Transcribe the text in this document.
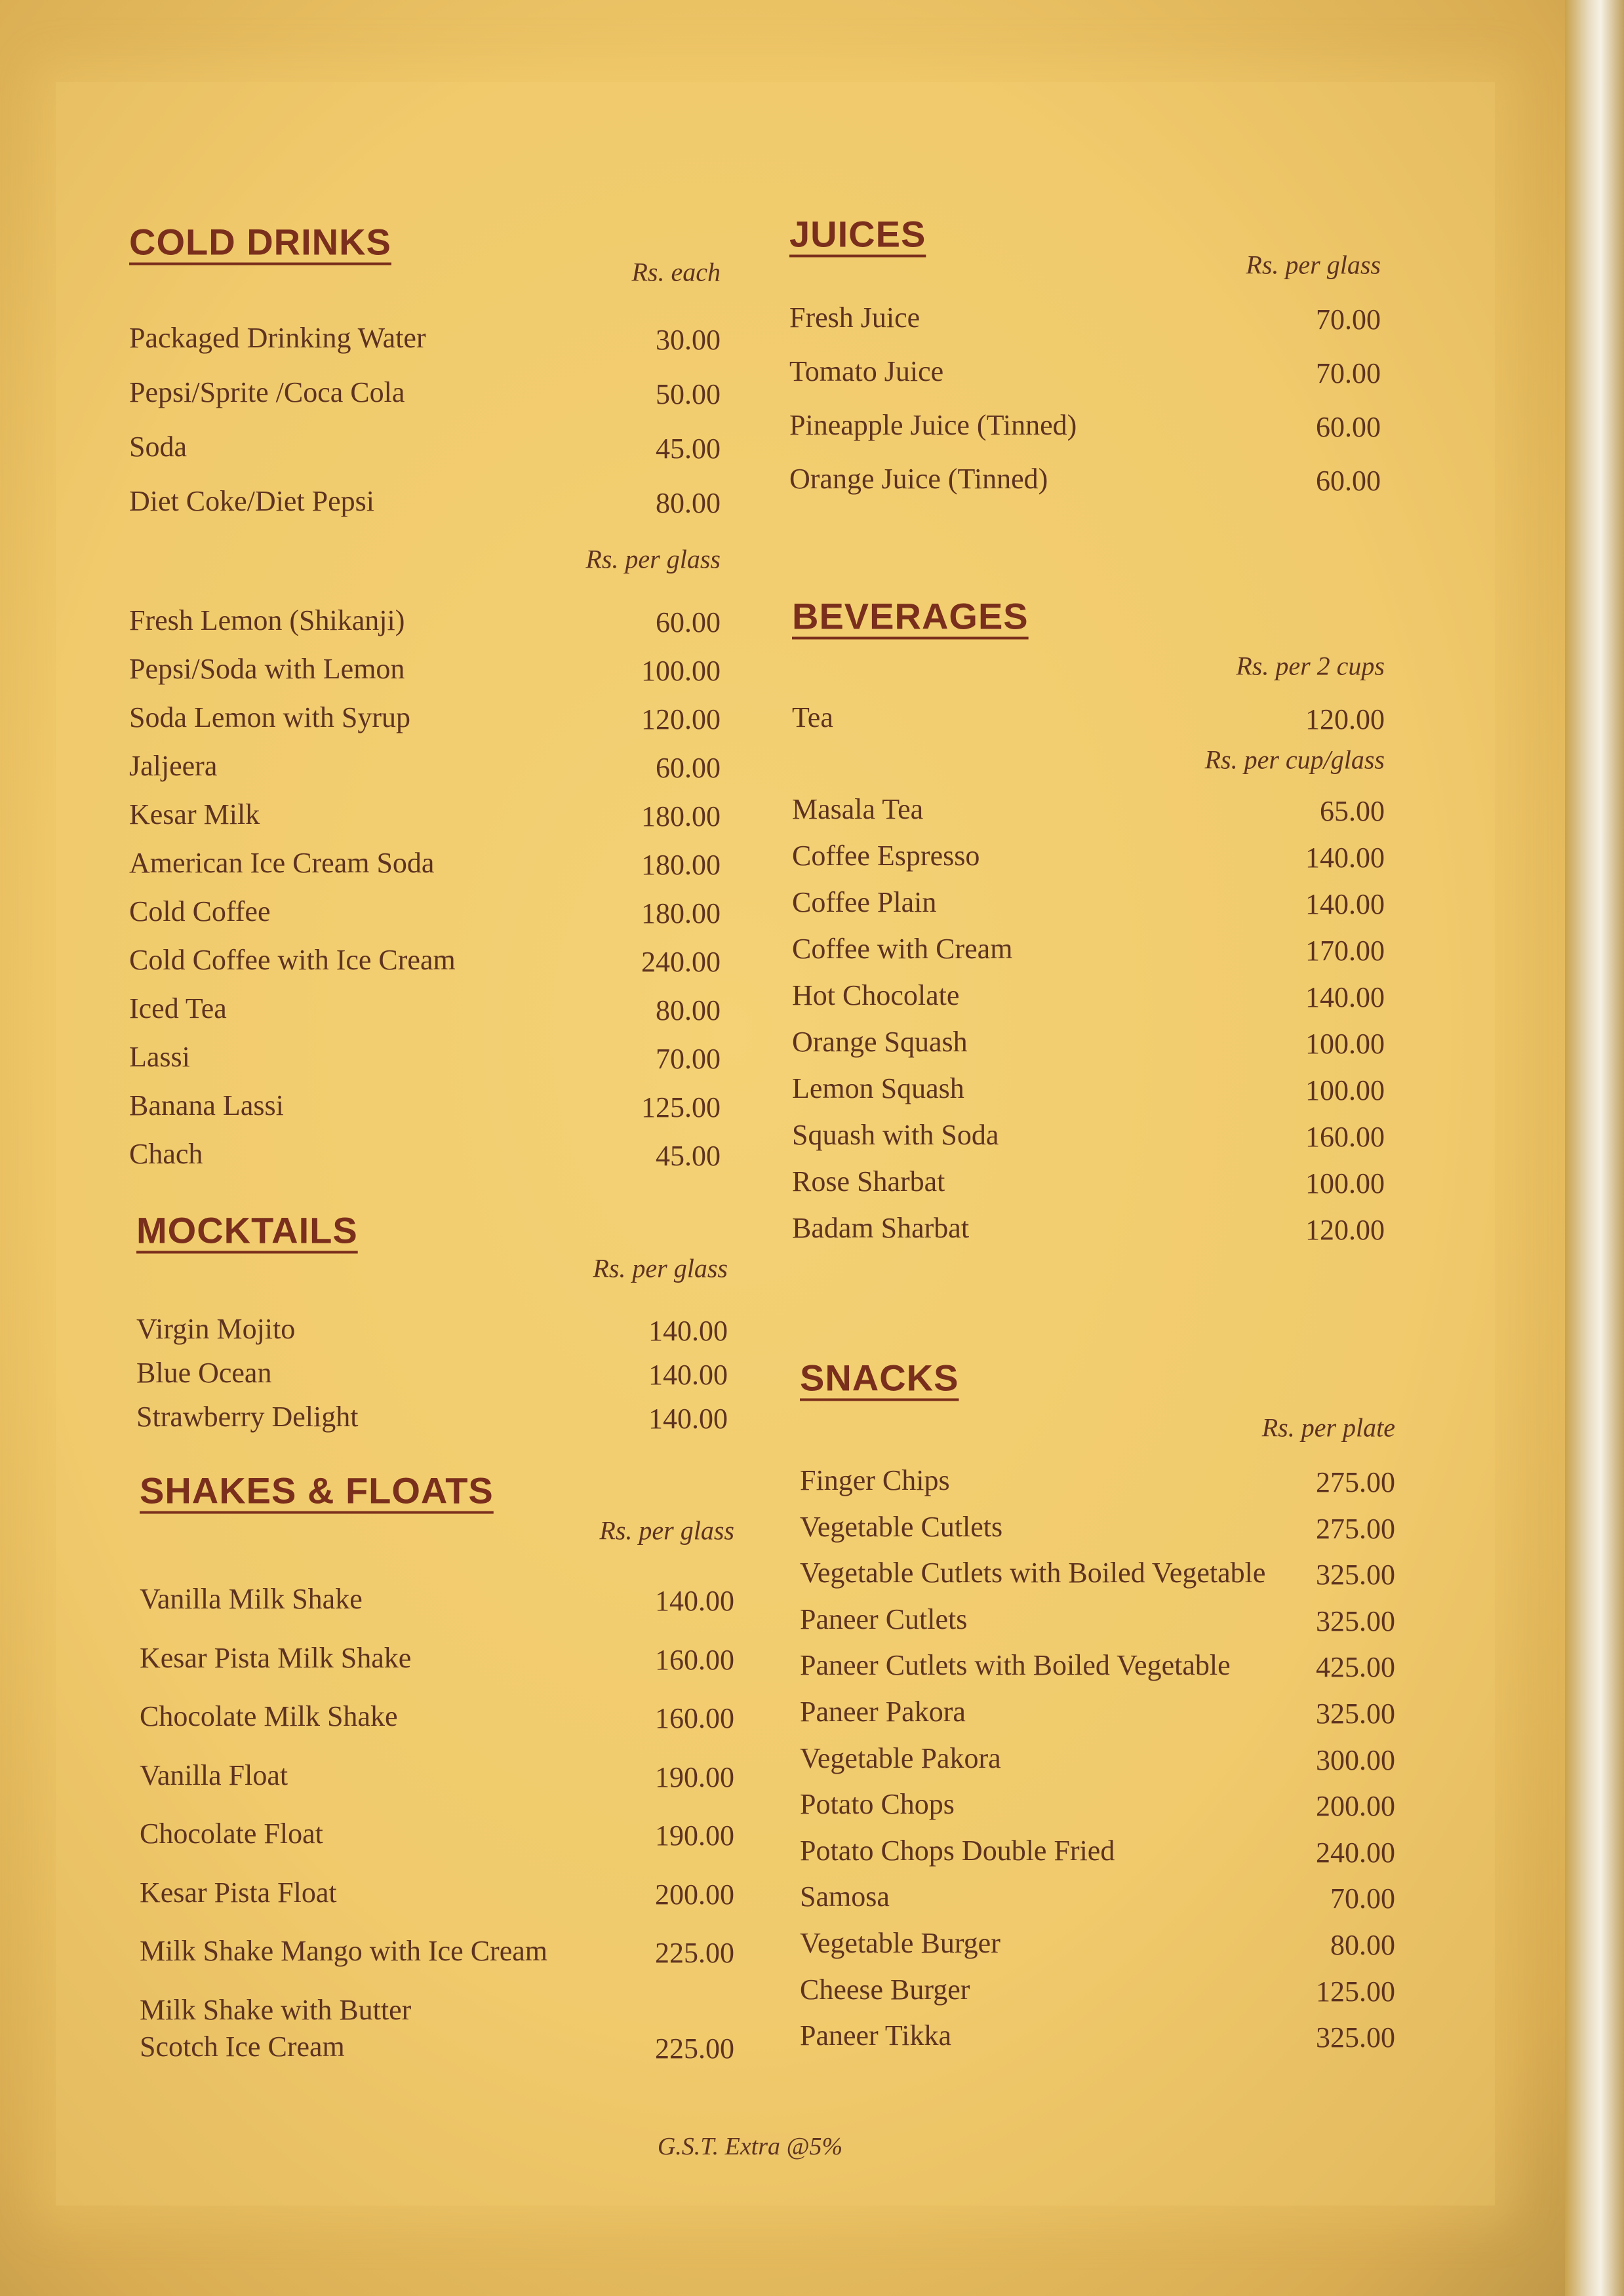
COLD DRINKS
Rs. each
Packaged Drinking Water	30.00
Pepsi/Sprite /Coca Cola	50.00
Soda	45.00
Diet Coke/Diet Pepsi	80.00
Rs. per glass
Fresh Lemon (Shikanji)	60.00
Pepsi/Soda with Lemon	100.00
Soda Lemon with Syrup	120.00
Jaljeera	60.00
Kesar Milk	180.00
American Ice Cream Soda	180.00
Cold Coffee	180.00
Cold Coffee with Ice Cream	240.00
Iced Tea	80.00
Lassi	70.00
Banana Lassi	125.00
Chach	45.00
MOCKTAILS
Rs. per glass
Virgin Mojito	140.00
Blue Ocean	140.00
Strawberry Delight	140.00
SHAKES & FLOATS
Rs. per glass
Vanilla Milk Shake	140.00
Kesar Pista Milk Shake	160.00
Chocolate Milk Shake	160.00
Vanilla Float	190.00
Chocolate Float	190.00
Kesar Pista Float	200.00
Milk Shake Mango with Ice Cream	225.00
Milk Shake with Butter
Scotch Ice Cream	225.00
JUICES
Rs. per glass
Fresh Juice	70.00
Tomato Juice	70.00
Pineapple Juice (Tinned)	60.00
Orange Juice (Tinned)	60.00
BEVERAGES
Rs. per 2 cups
Tea	120.00
Rs. per cup/glass
Masala Tea	65.00
Coffee Espresso	140.00
Coffee Plain	140.00
Coffee with Cream	170.00
Hot Chocolate	140.00
Orange Squash	100.00
Lemon Squash	100.00
Squash with Soda	160.00
Rose Sharbat	100.00
Badam Sharbat	120.00
SNACKS
Rs. per plate
Finger Chips	275.00
Vegetable Cutlets	275.00
Vegetable Cutlets with Boiled Vegetable 325.00
Paneer Cutlets	325.00
Paneer Cutlets with Boiled Vegetable	425.00
Paneer Pakora	325.00
Vegetable Pakora	300.00
Potato Chops	200.00
Potato Chops Double Fried	240.00
Samosa	70.00
Vegetable Burger	80.00
Cheese Burger	125.00
Paneer Tikka	325.00
G.S.T. Extra @5%
